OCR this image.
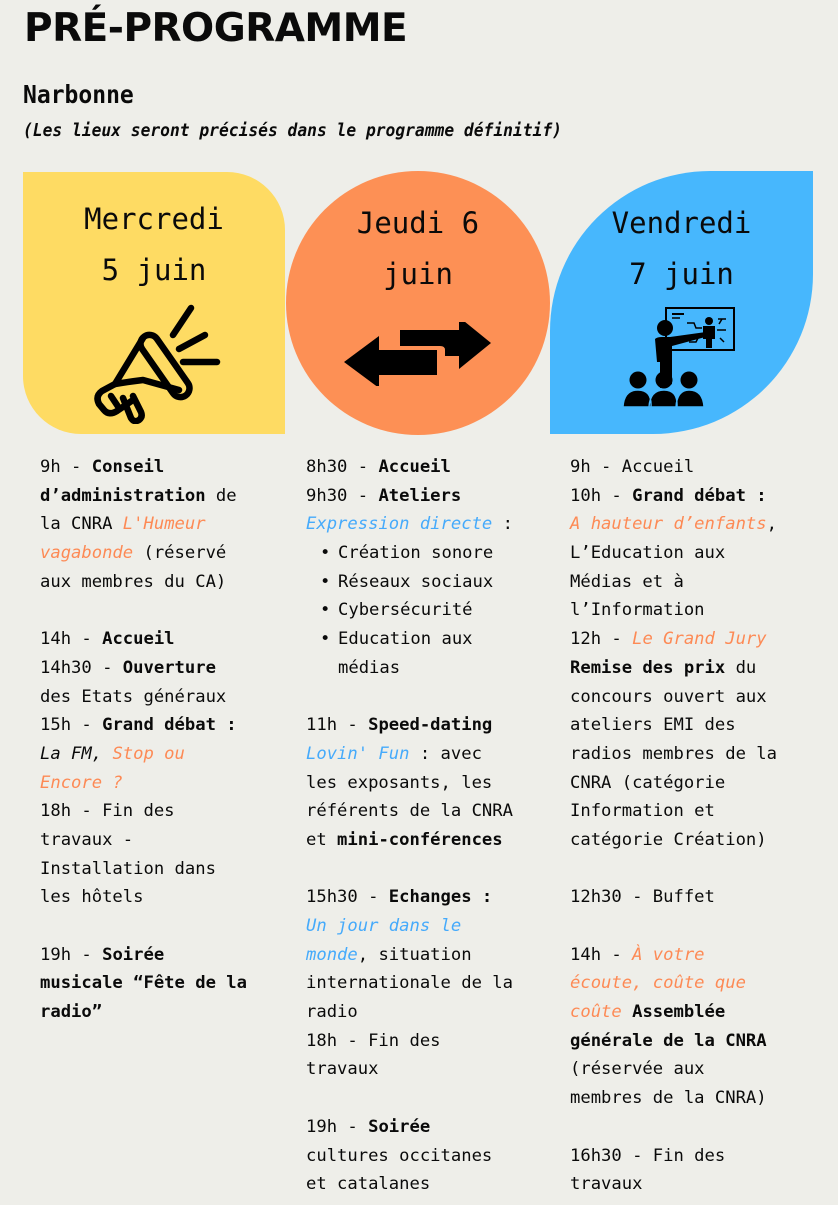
PRÉ-PROGRAMME
Narbonne
(Les lieux seront précisés dans le programme définitif)
Mercredi
5 juin
Jeudi 6
juin
Vendredi
7 juin
9h - Conseil
d’administration de
la CNRA L'Humeur
vagabonde (réservé
aux membres du CA)
14h - Accueil
14h30 - Ouverture
des Etats généraux
15h - Grand débat :
La FM, Stop ou
Encore ?
18h - Fin des
travaux -
Installation dans
les hôtels
19h - Soirée
musicale “Fête de la
radio”
8h30 - Accueil
9h30 - Ateliers
Expression directe :
• Création sonore
• Réseaux sociaux
• Cybersécurité
• Education aux
médias
11h - Speed-dating
Lovin' Fun : avec
les exposants, les
référents de la CNRA
et mini-conférences
15h30 - Echanges :
Un jour dans le
monde, situation
internationale de la
radio
18h - Fin des
travaux
19h - Soirée
cultures occitanes
et catalanes
9h - Accueil
10h - Grand débat :
A hauteur d’enfants,
L’Education aux
Médias et à
l’Information
12h - Le Grand Jury
Remise des prix du
concours ouvert aux
ateliers EMI des
radios membres de la
CNRA (catégorie
Information et
catégorie Création)
12h30 - Buffet
14h - À votre
écoute, coûte que
coûte Assemblée
générale de la CNRA
(réservée aux
membres de la CNRA)
16h30 - Fin des
travaux
